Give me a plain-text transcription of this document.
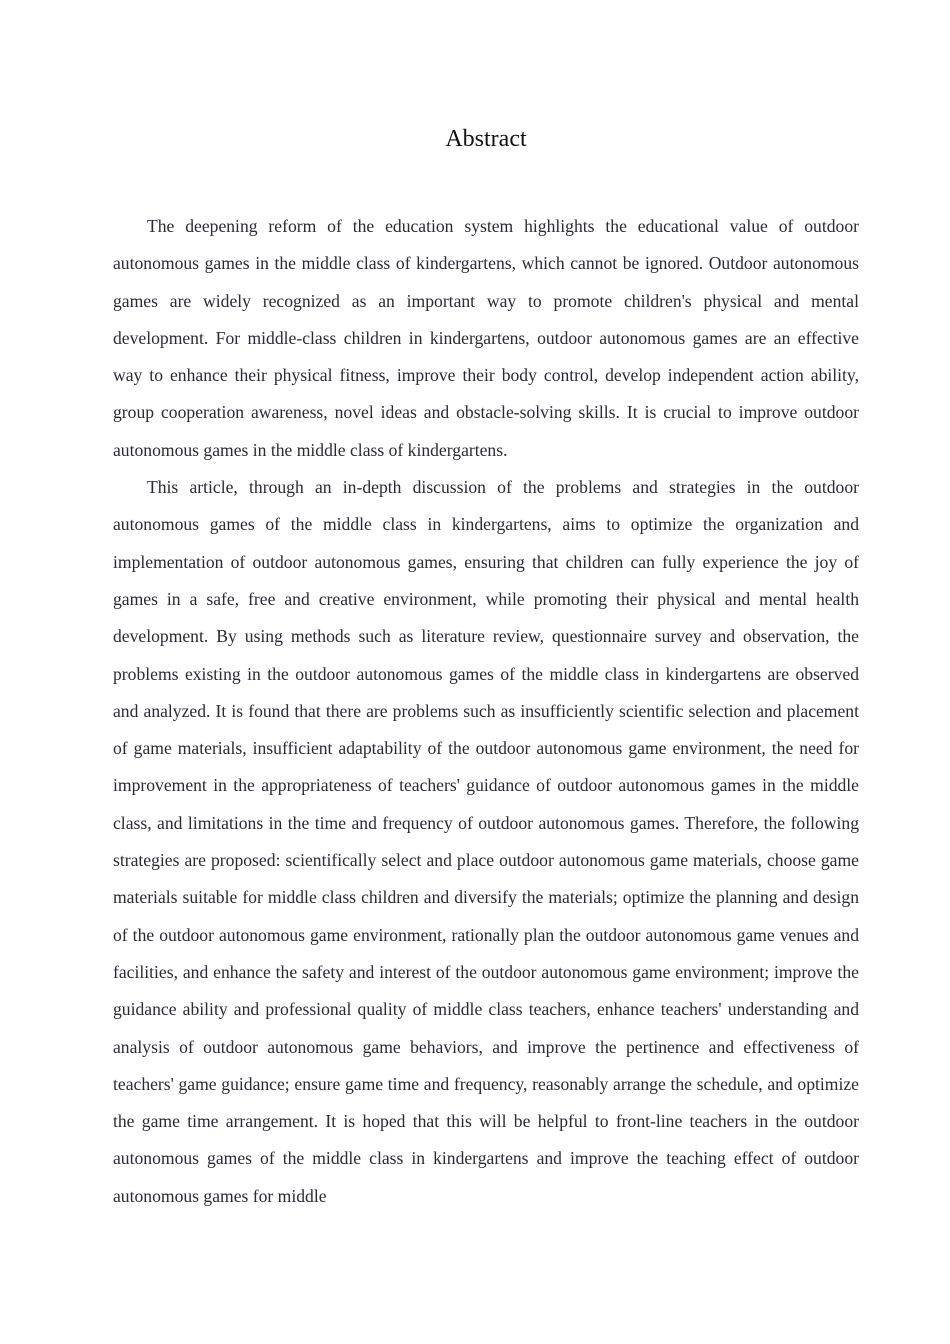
Abstract

The deepening reform of the education system highlights the educational value of outdoor autonomous games in the middle class of kindergartens, which cannot be ignored. Outdoor autonomous games are widely recognized as an important way to promote children's physical and mental development. For middle-class children in kindergartens, outdoor autonomous games are an effective way to enhance their physical fitness, improve their body control, develop independent action ability, group cooperation awareness, novel ideas and obstacle-solving skills. It is crucial to improve outdoor autonomous games in the middle class of kindergartens.

This article, through an in-depth discussion of the problems and strategies in the outdoor autonomous games of the middle class in kindergartens, aims to optimize the organization and implementation of outdoor autonomous games, ensuring that children can fully experience the joy of games in a safe, free and creative environment, while promoting their physical and mental health development. By using methods such as literature review, questionnaire survey and observation, the problems existing in the outdoor autonomous games of the middle class in kindergartens are observed and analyzed. It is found that there are problems such as insufficiently scientific selection and placement of game materials, insufficient adaptability of the outdoor autonomous game environment, the need for improvement in the appropriateness of teachers' guidance of outdoor autonomous games in the middle class, and limitations in the time and frequency of outdoor autonomous games. Therefore, the following strategies are proposed: scientifically select and place outdoor autonomous game materials, choose game materials suitable for middle class children and diversify the materials; optimize the planning and design of the outdoor autonomous game environment, rationally plan the outdoor autonomous game venues and facilities, and enhance the safety and interest of the outdoor autonomous game environment; improve the guidance ability and professional quality of middle class teachers, enhance teachers' understanding and analysis of outdoor autonomous game behaviors, and improve the pertinence and effectiveness of teachers' game guidance; ensure game time and frequency, reasonably arrange the schedule, and optimize the game time arrangement. It is hoped that this will be helpful to front-line teachers in the outdoor autonomous games of the middle class in kindergartens and improve the teaching effect of outdoor autonomous games for middle
